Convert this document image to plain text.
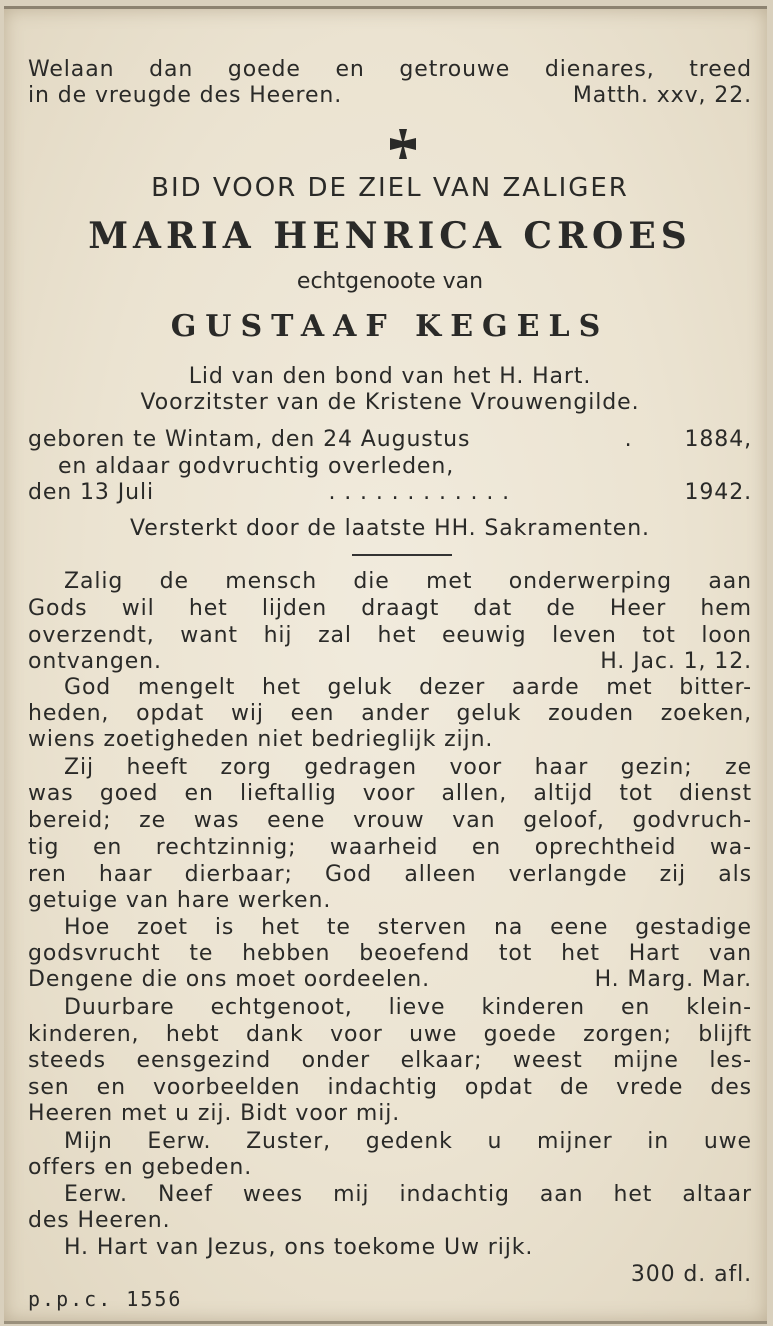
Welaan dan goede en getrouwe dienares, treed
in de vreugde des Heeren.	Matth. xxv, 22.
BID VOOR DE ZIEL VAN ZALIGER
MARIA HENRICA CROES
echtgenoote van
GUSTAAF KEGELS
Lid van den bond van het H. Hart.
Voorzitster van de Kristene Vrouwengilde.
geboren te Wintam, den 24 Augustus	.	1884,
en aldaar godvruchtig overleden,
den 13 Juli	. . . . . . . . . . . .	1942.
Versterkt door de laatste HH. Sakramenten.
Zalig de mensch die met onderwerping aan
Gods wil het lijden draagt dat de Heer hem
overzendt, want hij zal het eeuwig leven tot loon
ontvangen.	H. Jac. 1, 12.
God mengelt het geluk dezer aarde met bitter-
heden, opdat wij een ander geluk zouden zoeken,
wiens zoetigheden niet bedrieglijk zijn.
Zij heeft zorg gedragen voor haar gezin; ze
was goed en lieftallig voor allen, altijd tot dienst
bereid; ze was eene vrouw van geloof, godvruch-
tig en rechtzinnig; waarheid en oprechtheid wa-
ren haar dierbaar; God alleen verlangde zij als
getuige van hare werken.
Hoe zoet is het te sterven na eene gestadige
godsvrucht te hebben beoefend tot het Hart van
Dengene die ons moet oordeelen.	H. Marg. Mar.
Duurbare echtgenoot, lieve kinderen en klein-
kinderen, hebt dank voor uwe goede zorgen; blijft
steeds eensgezind onder elkaar; weest mijne les-
sen en voorbeelden indachtig opdat de vrede des
Heeren met u zij. Bidt voor mij.
Mijn Eerw. Zuster, gedenk u mijner in uwe
offers en gebeden.
Eerw. Neef wees mij indachtig aan het altaar
des Heeren.
H. Hart van Jezus, ons toekome Uw rijk.
300 d. afl.
p.p.c. 1556
